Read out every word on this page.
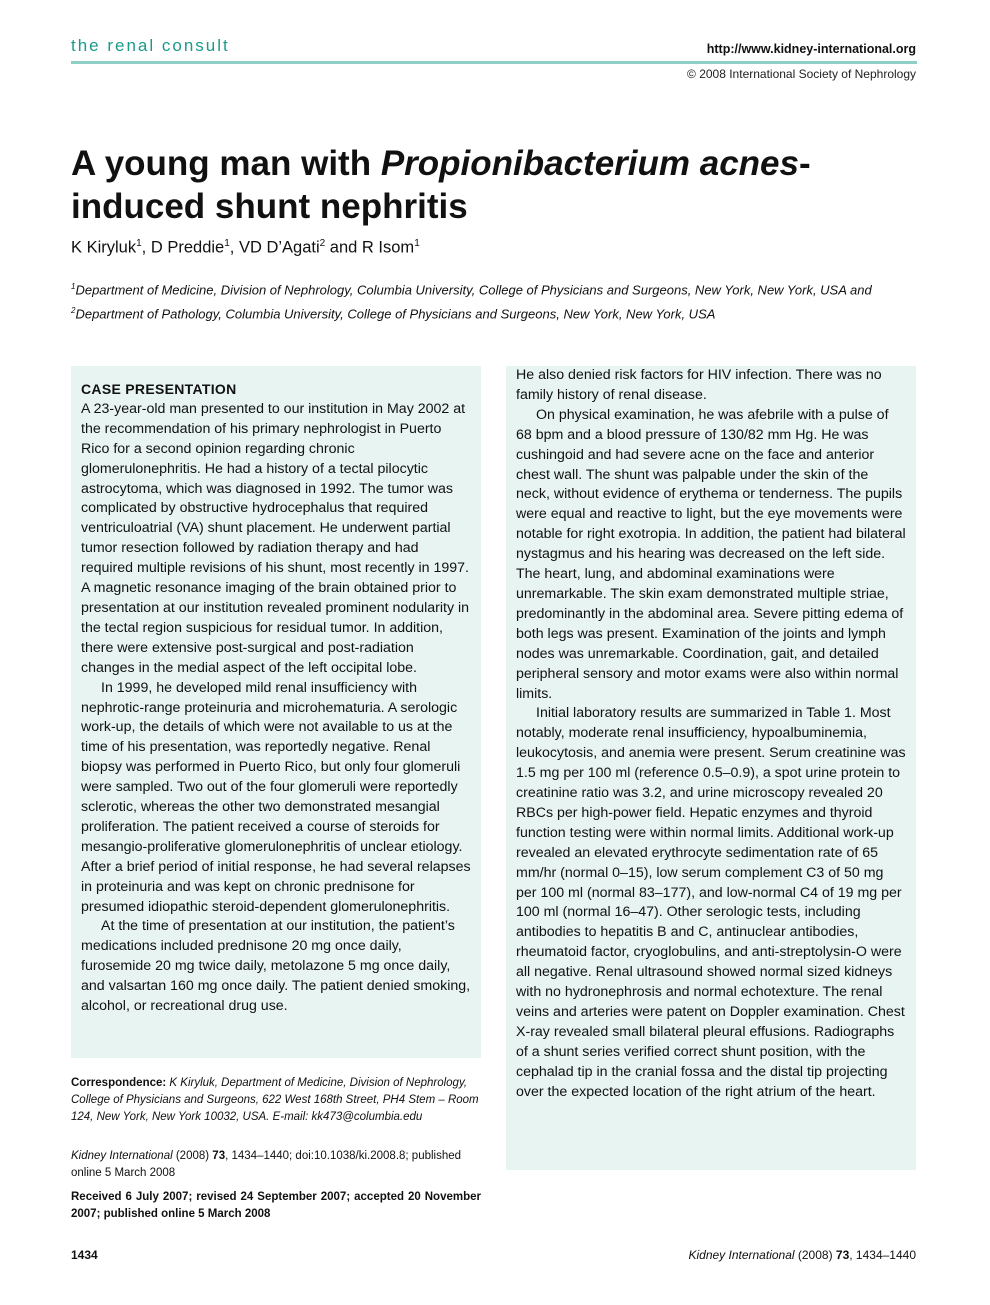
the renal consult	http://www.kidney-international.org
© 2008 International Society of Nephrology
A young man with Propionibacterium acnes-induced shunt nephritis
K Kiryluk$^1$, D Preddie$^1$, VD D’Agati$^2$ and R Isom$^1$
$^1$Department of Medicine, Division of Nephrology, Columbia University, College of Physicians and Surgeons, New York, New York, USA and $^2$Department of Pathology, Columbia University, College of Physicians and Surgeons, New York, New York, USA
CASE PRESENTATION

A 23-year-old man presented to our institution in May 2002 at the recommendation of his primary nephrologist in Puerto Rico for a second opinion regarding chronic glomerulonephritis. He had a history of a tectal pilocytic astrocytoma, which was diagnosed in 1992. The tumor was complicated by obstructive hydrocephalus that required ventriculoatrial (VA) shunt placement. He underwent partial tumor resection followed by radiation therapy and had required multiple revisions of his shunt, most recently in 1997. A magnetic resonance imaging of the brain obtained prior to presentation at our institution revealed prominent nodularity in the tectal region suspicious for residual tumor. In addition, there were extensive post-surgical and post-radiation changes in the medial aspect of the left occipital lobe.

In 1999, he developed mild renal insufficiency with nephrotic-range proteinuria and microhematuria. A serologic work-up, the details of which were not available to us at the time of his presentation, was reportedly negative. Renal biopsy was performed in Puerto Rico, but only four glomeruli were sampled. Two out of the four glomeruli were reportedly sclerotic, whereas the other two demonstrated mesangial proliferation. The patient received a course of steroids for mesangio-proliferative glomerulonephritis of unclear etiology. After a brief period of initial response, he had several relapses in proteinuria and was kept on chronic prednisone for presumed idiopathic steroid-dependent glomerulonephritis.

At the time of presentation at our institution, the patient’s medications included prednisone 20 mg once daily, furosemide 20 mg twice daily, metolazone 5 mg once daily, and valsartan 160 mg once daily. The patient denied smoking, alcohol, or recreational drug use.

He also denied risk factors for HIV infection. There was no family history of renal disease.

On physical examination, he was afebrile with a pulse of 68 bpm and a blood pressure of 130/82 mm Hg. He was cushingoid and had severe acne on the face and anterior chest wall. The shunt was palpable under the skin of the neck, without evidence of erythema or tenderness. The pupils were equal and reactive to light, but the eye movements were notable for right exotropia. In addition, the patient had bilateral nystagmus and his hearing was decreased on the left side. The heart, lung, and abdominal examinations were unremarkable. The skin exam demonstrated multiple striae, predominantly in the abdominal area. Severe pitting edema of both legs was present. Examination of the joints and lymph nodes was unremarkable. Coordination, gait, and detailed peripheral sensory and motor exams were also within normal limits.

Initial laboratory results are summarized in Table 1. Most notably, moderate renal insufficiency, hypoalbuminemia, leukocytosis, and anemia were present. Serum creatinine was 1.5 mg per 100 ml (reference 0.5–0.9), a spot urine protein to creatinine ratio was 3.2, and urine microscopy revealed 20 RBCs per high-power field. Hepatic enzymes and thyroid function testing were within normal limits. Additional work-up revealed an elevated erythrocyte sedimentation rate of 65 mm/hr (normal 0–15), low serum complement C3 of 50 mg per 100 ml (normal 83–177), and low-normal C4 of 19 mg per 100 ml (normal 16–47). Other serologic tests, including antibodies to hepatitis B and C, antinuclear antibodies, rheumatoid factor, cryoglobulins, and anti-streptolysin-O were all negative. Renal ultrasound showed normal sized kidneys with no hydronephrosis and normal echotexture. The renal veins and arteries were patent on Doppler examination. Chest X-ray revealed small bilateral pleural effusions. Radiographs of a shunt series verified correct shunt position, with the cephalad tip in the cranial fossa and the distal tip projecting over the expected location of the right atrium of the heart.

Correspondence: K Kiryluk, Department of Medicine, Division of Nephrology, College of Physicians and Surgeons, 622 West 168th Street, PH4 Stem – Room 124, New York, New York 10032, USA. E-mail: kk473@columbia.edu
Kidney International (2008) 73, 1434–1440; doi:10.1038/ki.2008.8; published online 5 March 2008
Received 6 July 2007; revised 24 September 2007; accepted 20 November 2007; published online 5 March 2008
1434	Kidney International (2008) 73, 1434–1440
